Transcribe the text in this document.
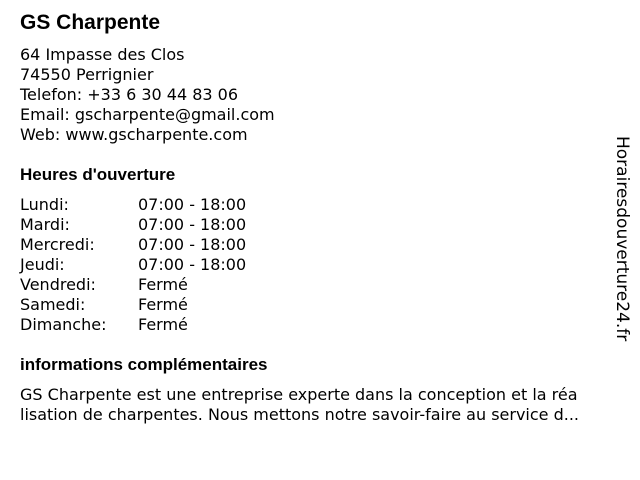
GS Charpente
64 Impasse des Clos
74550 Perrignier
Telefon: +33 6 30 44 83 06
Email: gscharpente@gmail.com
Web: www.gscharpente.com
Heures d'ouverture
Lundi:	07:00 - 18:00
Mardi:	07:00 - 18:00
Mercredi:	07:00 - 18:00
Jeudi:	07:00 - 18:00
Vendredi:	Fermé
Samedi:	Fermé
Dimanche:	Fermé
informations complémentaires
GS Charpente est une entreprise experte dans la conception et la réa
lisation de charpentes. Nous mettons notre savoir-faire au service d...
Horairesdouverture24.fr
